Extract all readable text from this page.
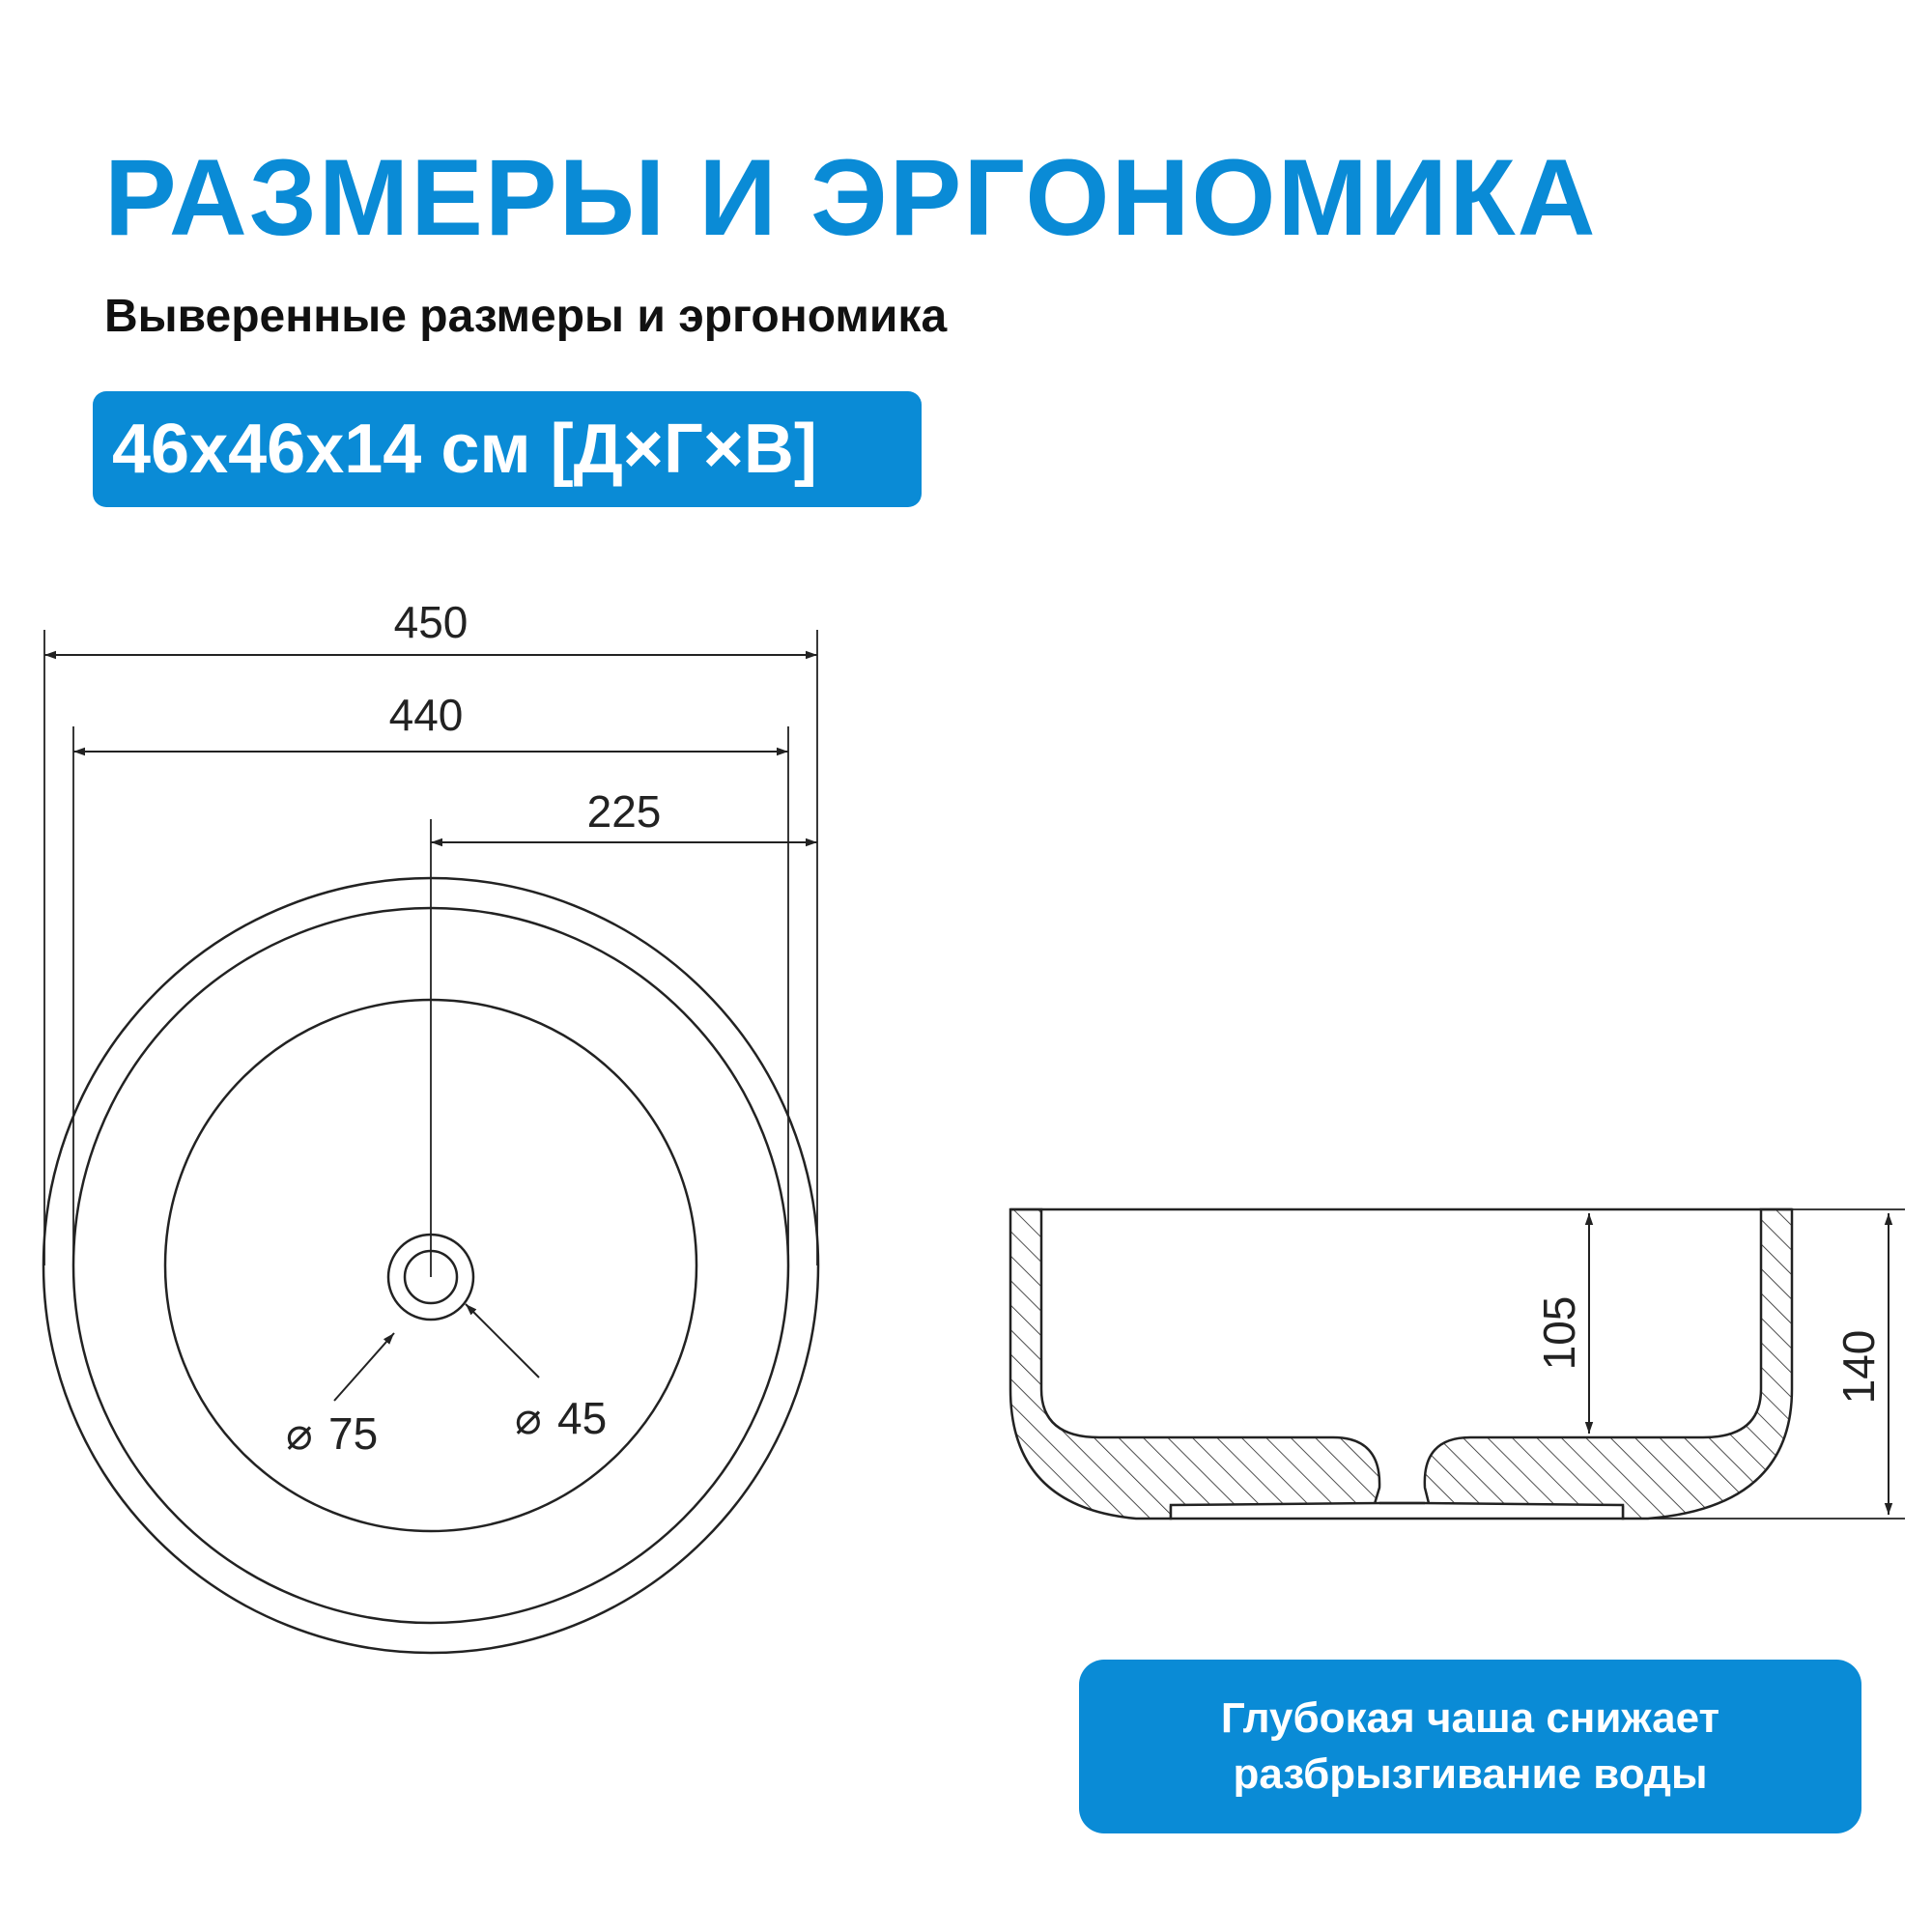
РАЗМЕРЫ И ЭРГОНОМИКА
Выверенные размеры и эргономика
46х46х14 см [Д×Г×В]
450
440
225
⌀ 75	⌀ 45
105	140
Глубокая чаша снижает
разбрызгивание воды
